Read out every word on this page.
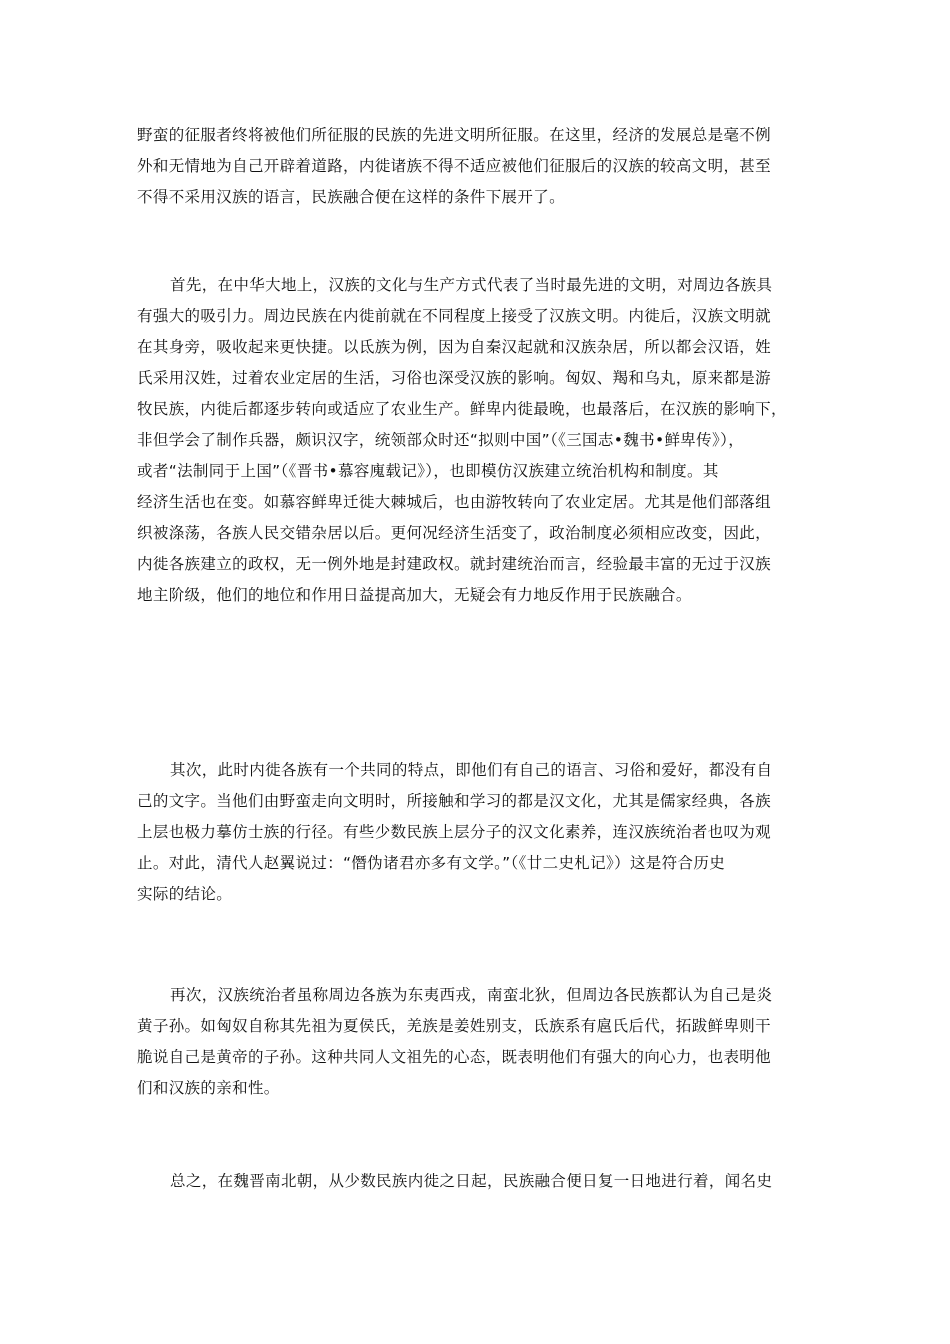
野蛮的征服者终将被他们所征服的民族的先进文明所征服。在这里，经济的发展总是毫不例
外和无情地为自己开辟着道路，内徙诸族不得不适应被他们征服后的汉族的较高文明，甚至
不得不采用汉族的语言，民族融合便在这样的条件下展开了。
首先，在中华大地上，汉族的文化与生产方式代表了当时最先进的文明，对周边各族具
有强大的吸引力。周边民族在内徙前就在不同程度上接受了汉族文明。内徙后，汉族文明就
在其身旁，吸收起来更快捷。以氐族为例，因为自秦汉起就和汉族杂居，所以都会汉语，姓
氏采用汉姓，过着农业定居的生活，习俗也深受汉族的影响。匈奴、羯和乌丸，原来都是游
牧民族，内徙后都逐步转向或适应了农业生产。鲜卑内徙最晚，也最落后，在汉族的影响下，
非但学会了制作兵器，颇识汉字，统领部众时还“拟则中国”（《三国志•魏书•鲜卑传》），
或者“法制同于上国”（《晋书•慕容廆载记》），也即模仿汉族建立统治机构和制度。其
经济生活也在变。如慕容鲜卑迁徙大棘城后，也由游牧转向了农业定居。尤其是他们部落组
织被涤荡，各族人民交错杂居以后。更何况经济生活变了，政治制度必须相应改变，因此，
内徙各族建立的政权，无一例外地是封建政权。就封建统治而言，经验最丰富的无过于汉族
地主阶级，他们的地位和作用日益提高加大，无疑会有力地反作用于民族融合。
其次，此时内徙各族有一个共同的特点，即他们有自己的语言、习俗和爱好，都没有自
己的文字。当他们由野蛮走向文明时，所接触和学习的都是汉文化，尤其是儒家经典，各族
上层也极力摹仿士族的行径。有些少数民族上层分子的汉文化素养，连汉族统治者也叹为观
止。对此，清代人赵翼说过：“僭伪诸君亦多有文学。”（《廿二史札记》）这是符合历史
实际的结论。
再次，汉族统治者虽称周边各族为东夷西戎，南蛮北狄，但周边各民族都认为自己是炎
黄子孙。如匈奴自称其先祖为夏侯氏，羌族是姜姓别支，氐族系有扈氏后代，拓跋鲜卑则干
脆说自己是黄帝的子孙。这种共同人文祖先的心态，既表明他们有强大的向心力，也表明他
们和汉族的亲和性。
总之，在魏晋南北朝，从少数民族内徙之日起，民族融合便日复一日地进行着，闻名史
